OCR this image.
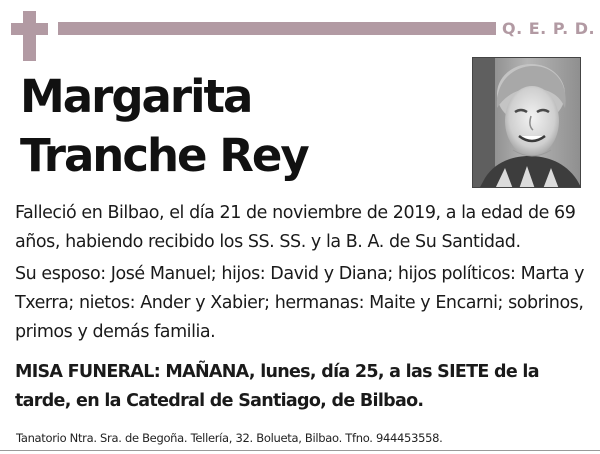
Q. E. P. D.
Margarita
Tranche Rey
Falleció en Bilbao, el día 21 de noviembre de 2019, a la edad de 69 años, habiendo recibido los SS. SS. y la B. A. de Su Santidad.
Su esposo: José Manuel; hijos: David y Diana; hijos políticos: Marta y Txerra; nietos: Ander y Xabier; hermanas: Maite y Encarni; sobrinos, primos y demás familia.
MISA FUNERAL: MAÑANA, lunes, día 25, a las SIETE de la tarde, en la Catedral de Santiago, de Bilbao.
Tanatorio Ntra. Sra. de Begoña. Tellería, 32. Bolueta, Bilbao. Tfno. 944453558.
